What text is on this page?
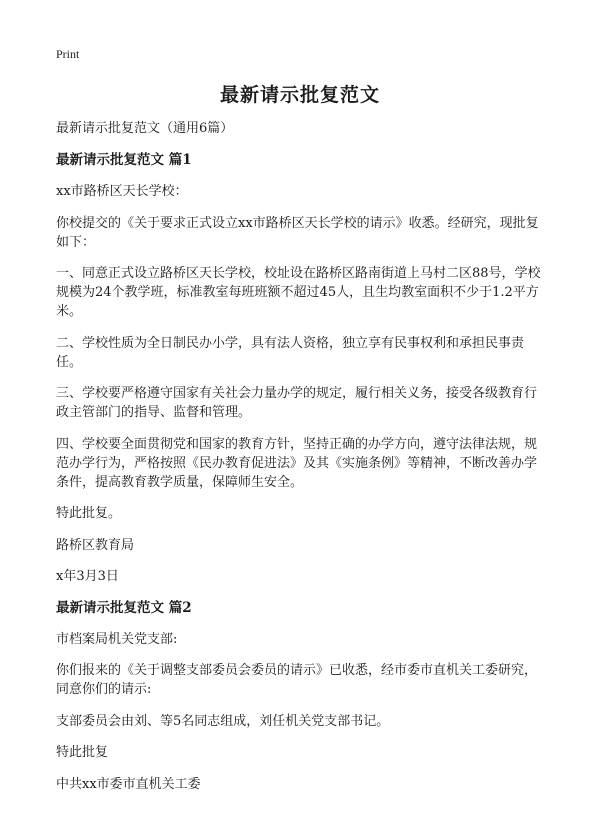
Print
最新请示批复范文
最新请示批复范文（通用6篇）
最新请示批复范文 篇1
xx市路桥区天长学校：
你校提交的《关于要求正式设立xx市路桥区天长学校的请示》收悉。经研究，现批复如下：
一、同意正式设立路桥区天长学校，校址设在路桥区路南街道上马村二区88号，学校规模为24个教学班，标准教室每班班额不超过45人，且生均教室面积不少于1.2平方米。
二、学校性质为全日制民办小学，具有法人资格，独立享有民事权利和承担民事责任。
三、学校要严格遵守国家有关社会力量办学的规定，履行相关义务，接受各级教育行政主管部门的指导、监督和管理。
四、学校要全面贯彻党和国家的教育方针，坚持正确的办学方向，遵守法律法规，规范办学行为，严格按照《民办教育促进法》及其《实施条例》等精神，不断改善办学条件，提高教育教学质量，保障师生安全。
特此批复。
路桥区教育局
x年3月3日
最新请示批复范文 篇2
市档案局机关党支部:
你们报来的《关于调整支部委员会委员的请示》已收悉，经市委市直机关工委研究，同意你们的请示:
支部委员会由刘、等5名同志组成，刘任机关党支部书记。
特此批复
中共xx市委市直机关工委
